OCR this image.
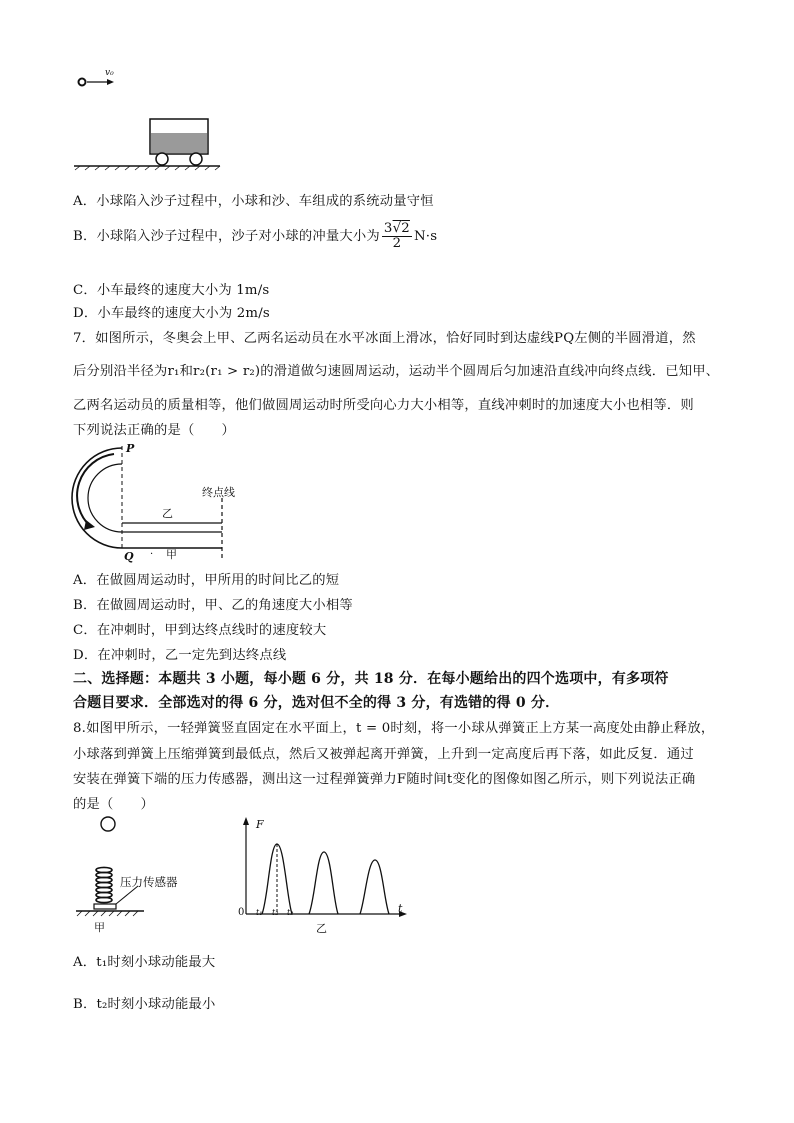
v₀
A．小球陷入沙子过程中，小球和沙、车组成的系统动量守恒
B．小球陷入沙子过程中，沙子对小球的冲量大小为 $\frac{3√2}{2} N\cdot s$
C．小车最终的速度大小为 1m/s
D．小车最终的速度大小为 2m/s
7．如图所示，冬奥会上甲、乙两名运动员在水平冰面上滑冰，恰好同时到达虚线PQ左侧的半圆滑道，然
后分别沿半径为r₁和r₂(r₁ > r₂)的滑道做匀速圆周运动，运动半个圆周后匀加速沿直线冲向终点线．已知甲、
乙两名运动员的质量相等，他们做圆周运动时所受向心力大小相等，直线冲刺时的加速度大小也相等．则
下列说法正确的是（　　）
P
Q
终点线
乙
甲
·
A．在做圆周运动时，甲所用的时间比乙的短
B．在做圆周运动时，甲、乙的角速度大小相等
C．在冲刺时，甲到达终点线时的速度较大
D．在冲刺时，乙一定先到达终点线
二、选择题：本题共 3 小题，每小题 6 分，共 18 分．在每小题给出的四个选项中，有多项符
合题目要求．全部选对的得 6 分，选对但不全的得 3 分，有选错的得 0 分．
8.如图甲所示，一轻弹簧竖直固定在水平面上，t = 0时刻，将一小球从弹簧正上方某一高度处由静止释放，
小球落到弹簧上压缩弹簧到最低点，然后又被弹起离开弹簧，上升到一定高度后再下落，如此反复．通过
安装在弹簧下端的压力传感器，测出这一过程弹簧弹力F随时间t变化的图像如图乙所示，则下列说法正确
的是（　　）
压力传感器
甲
F
t
0 t₁ t₂ t₃
乙
A．t₁时刻小球动能最大
B．t₂时刻小球动能最小
